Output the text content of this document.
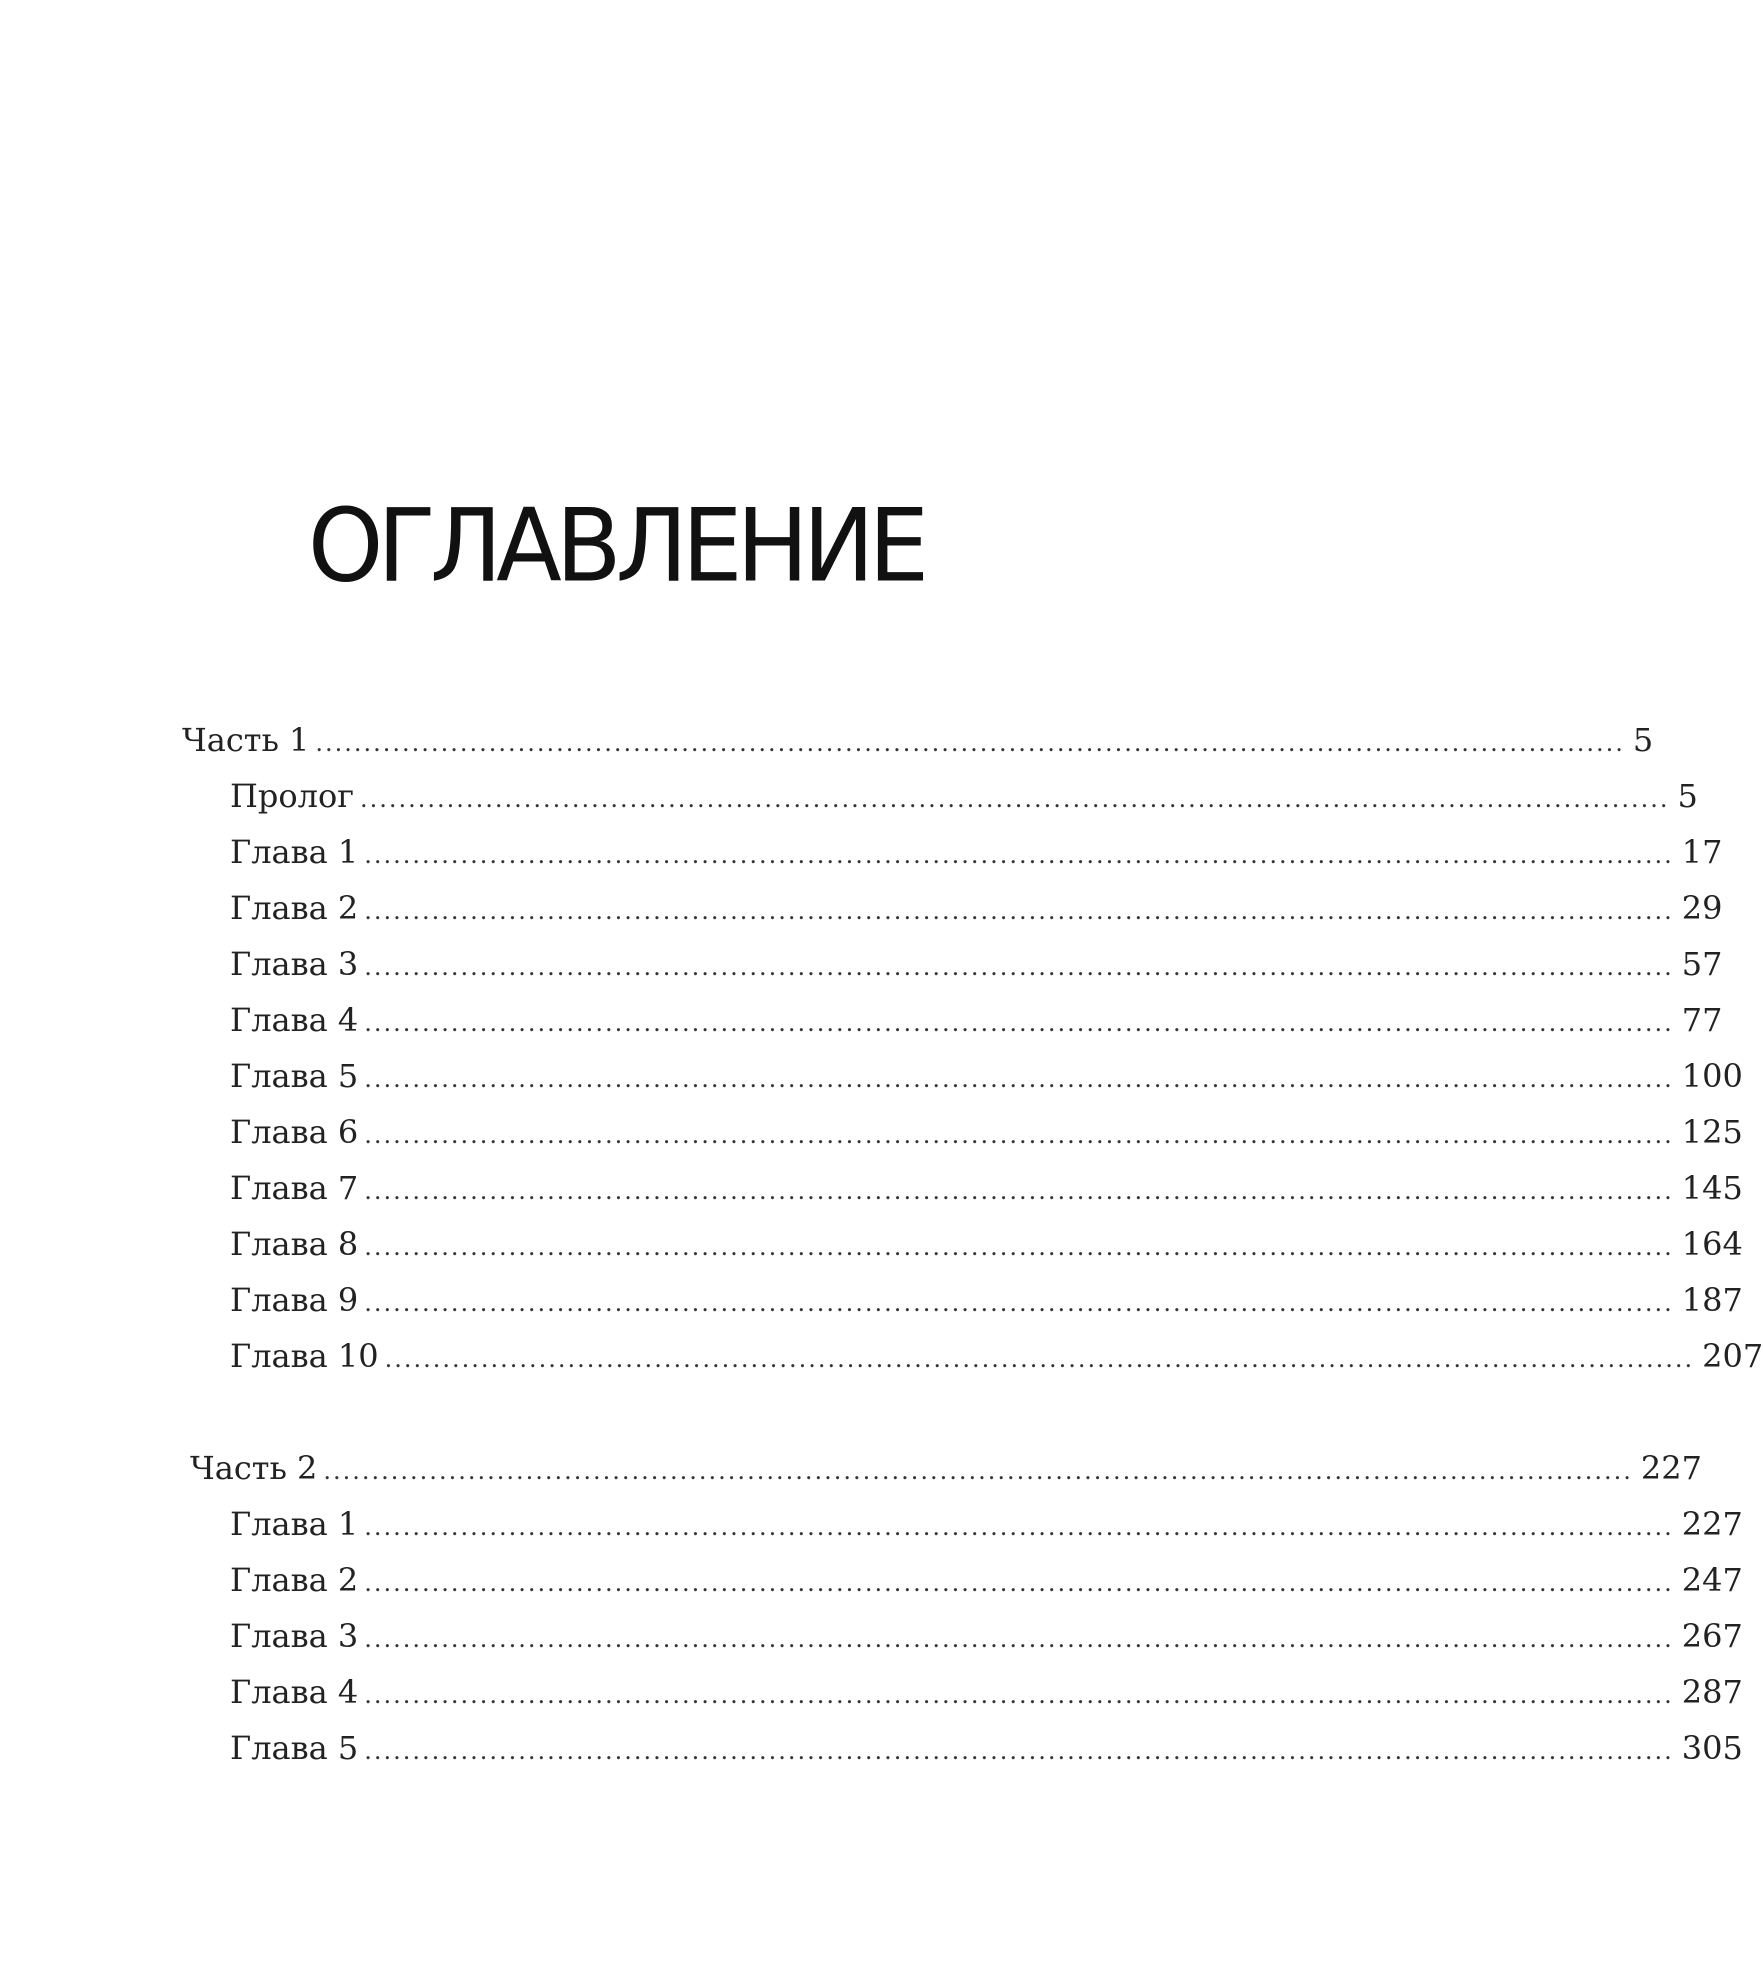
ОГЛАВЛЕНИЕ
Часть 1 ........................................................................................................................................ 5
Пролог ........................................................................................................................................ 5
Глава 1 ........................................................................................................................................ 17
Глава 2 ........................................................................................................................................ 29
Глава 3 ........................................................................................................................................ 57
Глава 4 ........................................................................................................................................ 77
Глава 5 ........................................................................................................................................ 100
Глава 6 ........................................................................................................................................ 125
Глава 7 ........................................................................................................................................ 145
Глава 8 ........................................................................................................................................ 164
Глава 9 ........................................................................................................................................ 187
Глава 10 ........................................................................................................................................ 207
Часть 2 ........................................................................................................................................ 227
Глава 1 ........................................................................................................................................ 227
Глава 2 ........................................................................................................................................ 247
Глава 3 ........................................................................................................................................ 267
Глава 4 ........................................................................................................................................ 287
Глава 5 ........................................................................................................................................ 305
